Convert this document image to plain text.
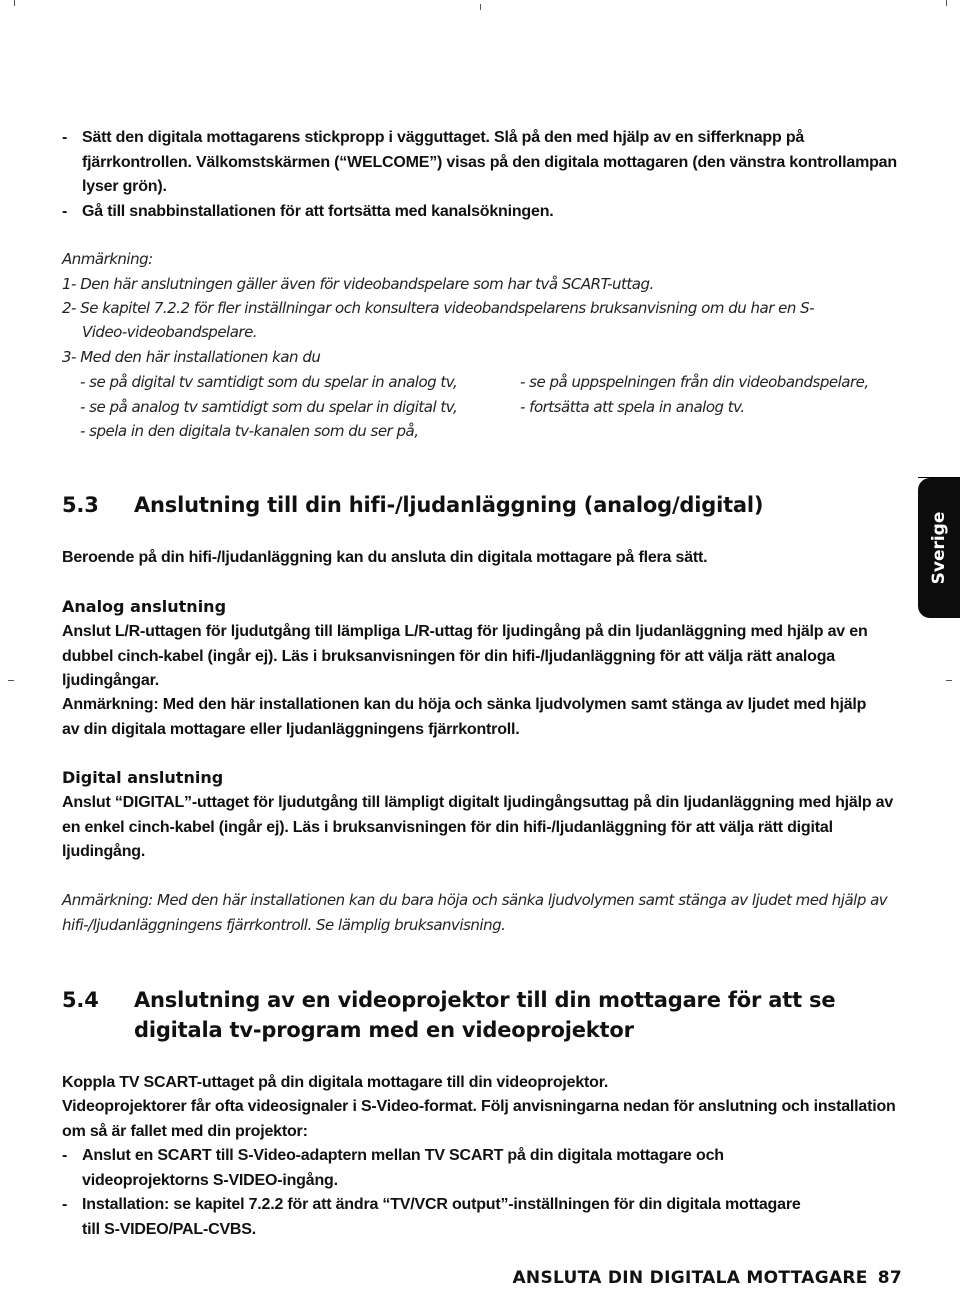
- Sätt den digitala mottagarens stickpropp i vägguttaget. Slå på den med hjälp av en sifferknapp på fjärrkontrollen. Välkomstskärmen (“WELCOME”) visas på den digitala mottagaren (den vänstra kontrollampan lyser grön).
- Gå till snabbinstallationen för att fortsätta med kanalsökningen.
Anmärkning:
1- Den här anslutningen gäller även för videobandspelare som har två SCART-uttag.
2- Se kapitel 7.2.2 för fler inställningar och konsultera videobandspelarens bruksanvisning om du har en S-
Video-videobandspelare.
3- Med den här installationen kan du
- se på digital tv samtidigt som du spelar in analog tv,
- se på analog tv samtidigt som du spelar in digital tv,
- spela in den digitala tv-kanalen som du ser på,
- se på uppspelningen från din videobandspelare,
- fortsätta att spela in analog tv.
Sverige
5.3 Anslutning till din hifi-/ljudanläggning (analog/digital)
Beroende på din hifi-/ljudanläggning kan du ansluta din digitala mottagare på flera sätt.
Analog anslutning
Anslut L/R-uttagen för ljudutgång till lämpliga L/R-uttag för ljudingång på din ljudanläggning med hjälp av en dubbel cinch-kabel (ingår ej). Läs i bruksanvisningen för din hifi-/ljudanläggning för att välja rätt analoga ljudingångar.
Anmärkning: Med den här installationen kan du höja och sänka ljudvolymen samt stänga av ljudet med hjälp av din digitala mottagare eller ljudanläggningens fjärrkontroll.
Digital anslutning
Anslut “DIGITAL”-uttaget för ljudutgång till lämpligt digitalt ljudingångsuttag på din ljudanläggning med hjälp av en enkel cinch-kabel (ingår ej). Läs i bruksanvisningen för din hifi-/ljudanläggning för att välja rätt digital ljudingång.
Anmärkning: Med den här installationen kan du bara höja och sänka ljudvolymen samt stänga av ljudet med hjälp av hifi-/ljudanläggningens fjärrkontroll. Se lämplig bruksanvisning.
5.4 Anslutning av en videoprojektor till din mottagare för att se
digitala tv-program med en videoprojektor
Koppla TV SCART-uttaget på din digitala mottagare till din videoprojektor.
Videoprojektorer får ofta videosignaler i S-Video-format. Följ anvisningarna nedan för anslutning och installation om så är fallet med din projektor:
- Anslut en SCART till S-Video-adaptern mellan TV SCART på din digitala mottagare och videoprojektorns S-VIDEO-ingång.
- Installation: se kapitel 7.2.2 för att ändra “TV/VCR output”-inställningen för din digitala mottagare till S-VIDEO/PAL-CVBS.
ANSLUTA DIN DIGITALA MOTTAGARE 87
